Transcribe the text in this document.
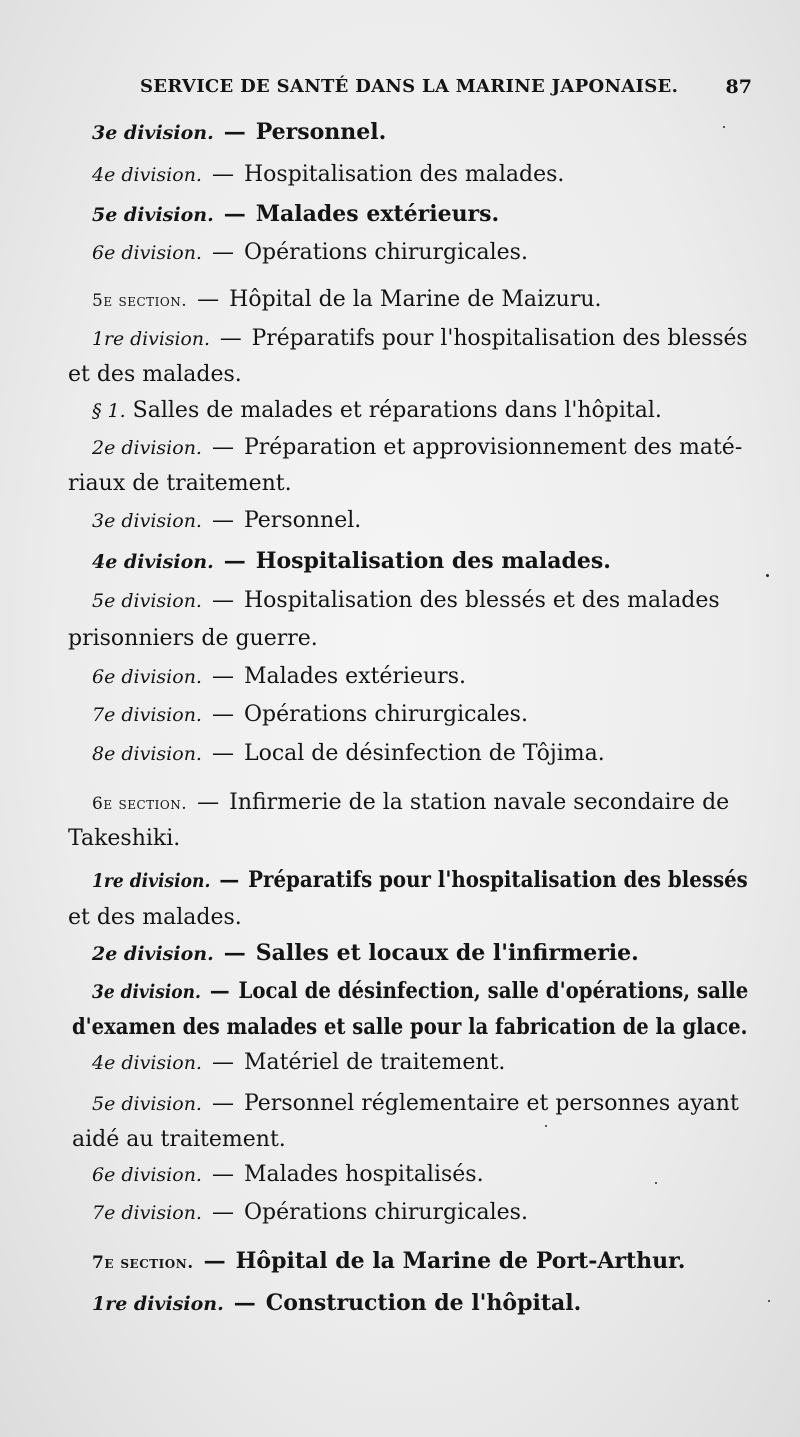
SERVICE DE SANTÉ DANS LA MARINE JAPONAISE. 87
3e division. — Personnel.
4e division. — Hospitalisation des malades.
5e division. — Malades extérieurs.
6e division. — Opérations chirurgicales.
5e section. — Hôpital de la Marine de Maizuru.
1re division. — Préparatifs pour l'hospitalisation des blessés
et des malades.
§ 1. Salles de malades et réparations dans l'hôpital.
2e division. — Préparation et approvisionnement des maté-
riaux de traitement.
3e division. — Personnel.
4e division. — Hospitalisation des malades.
5e division. — Hospitalisation des blessés et des malades
prisonniers de guerre.
6e division. — Malades extérieurs.
7e division. — Opérations chirurgicales.
8e division. — Local de désinfection de Tôjima.
6e section. — Infirmerie de la station navale secondaire de
Takeshiki.
1re division. — Préparatifs pour l'hospitalisation des blessés
et des malades.
2e division. — Salles et locaux de l'infirmerie.
3e division. — Local de désinfection, salle d'opérations, salle
d'examen des malades et salle pour la fabrication de la glace.
4e division. — Matériel de traitement.
5e division. — Personnel réglementaire et personnes ayant
aidé au traitement.
6e division. — Malades hospitalisés.
7e division. — Opérations chirurgicales.
7e section. — Hôpital de la Marine de Port-Arthur.
1re division. — Construction de l'hôpital.
